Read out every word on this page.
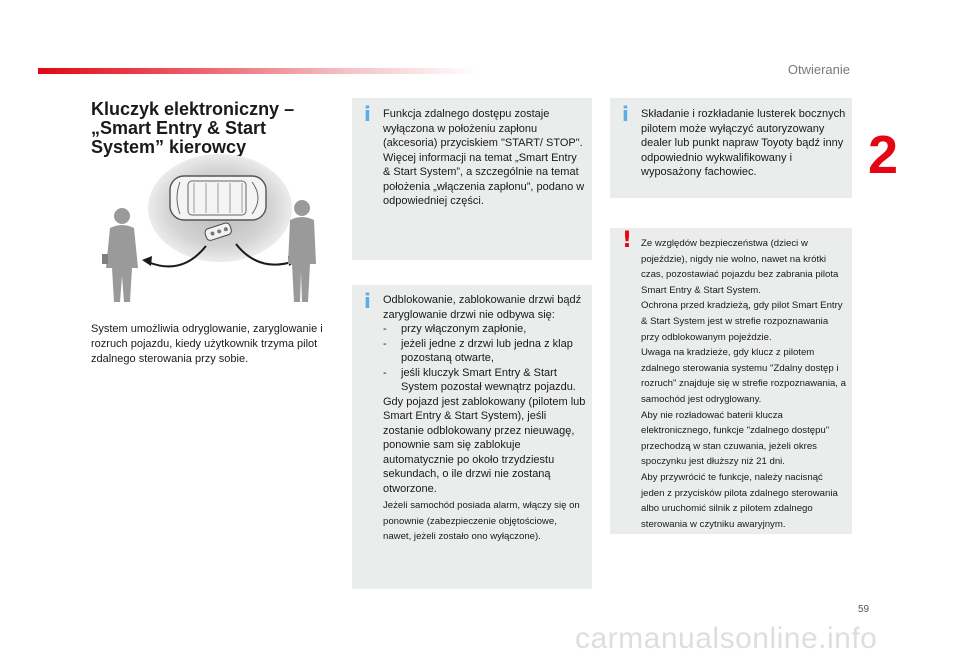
Otwieranie
2
Kluczyk elektroniczny – „Smart Entry & Start System” kierowcy
System umożliwia odryglowanie, zaryglowanie i rozruch pojazdu, kiedy użytkownik trzyma pilot zdalnego sterowania przy sobie.
i Funkcja zdalnego dostępu zostaje wyłączona w położeniu zapłonu (akcesoria) przyciskiem "START/ STOP".

Więcej informacji na temat „Smart Entry & Start System”, a szczególnie na temat położenia „włączenia zapłonu”, podano w odpowiedniej części.

i Odblokowanie, zablokowanie drzwi bądź zaryglowanie drzwi nie odbywa się:

- przy włączonym zapłonie,
- jeżeli jedne z drzwi lub jedna z klap pozostaną otwarte,
- jeśli kluczyk Smart Entry & Start System pozostał wewnątrz pojazdu.

Gdy pojazd jest zablokowany (pilotem lub Smart Entry & Start System), jeśli zostanie odblokowany przez nieuwagę, ponownie sam się zablokuje automatycznie po około trzydziestu sekundach, o ile drzwi nie zostaną otworzone.

Jeżeli samochód posiada alarm, włączy się on ponownie (zabezpieczenie objętościowe, nawet, jeżeli zostało ono wyłączone).

i Składanie i rozkładanie lusterek bocznych pilotem może wyłączyć autoryzowany dealer lub punkt napraw Toyoty bądź inny odpowiednio wykwalifikowany i wyposażony fachowiec.

! Ze względów bezpieczeństwa (dzieci w pojeździe), nigdy nie wolno, nawet na krótki czas, pozostawiać pojazdu bez zabrania pilota Smart Entry & Start System.

Ochrona przed kradzieżą, gdy pilot Smart Entry & Start System jest w strefie rozpoznawania przy odblokowanym pojeździe.

Uwaga na kradzieże, gdy klucz z pilotem zdalnego sterowania systemu "Zdalny dostęp i rozruch" znajduje się w strefie rozpoznawania, a samochód jest odryglowany.

Aby nie rozładować baterii klucza elektronicznego, funkcje "zdalnego dostępu" przechodzą w stan czuwania, jeżeli okres spoczynku jest dłuższy niż 21 dni.

Aby przywrócić te funkcje, należy nacisnąć jeden z przycisków pilota zdalnego sterowania albo uruchomić silnik z pilotem zdalnego sterowania w czytniku awaryjnym.

59
carmanualsonline.info
